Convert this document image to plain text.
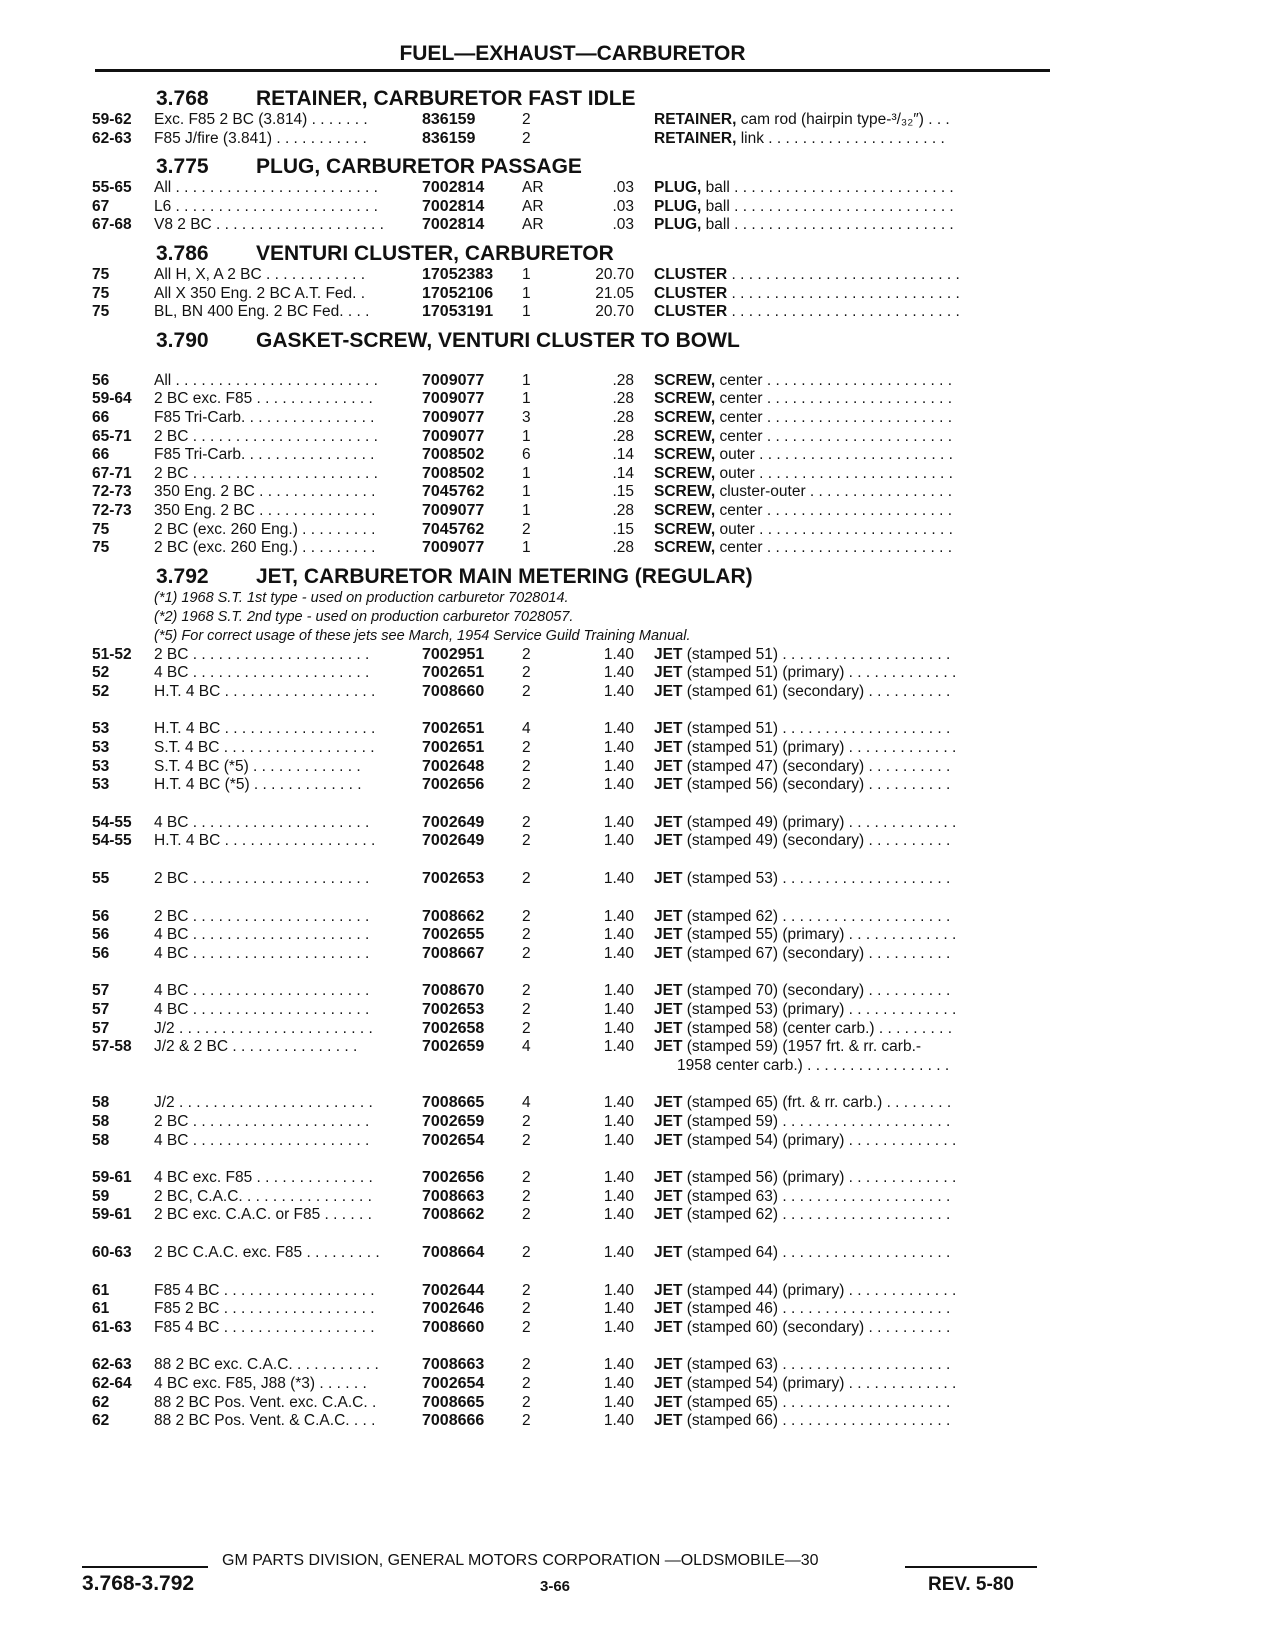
FUEL—EXHAUST—CARBURETOR
3.768	RETAINER, CARBURETOR FAST IDLE
59-62	Exc. F85 2 BC (3.814) . . . . . . .	836159	2	RETAINER, cam rod (hairpin type-³/₃₂″) . . .
62-63	F85 J/fire (3.841) . . . . . . . . . . .	836159	2	RETAINER, link . . . . . . . . . . . . . . . . . . . . .
3.775	PLUG, CARBURETOR PASSAGE
55-65	All . . . . . . . . . . . . . . . . . . . . . . . .	7002814	AR	.03	PLUG, ball . . . . . . . . . . . . . . . . . . . . . . . . . .
67	L6 . . . . . . . . . . . . . . . . . . . . . . . .	7002814	AR	.03	PLUG, ball . . . . . . . . . . . . . . . . . . . . . . . . . .
67-68	V8 2 BC . . . . . . . . . . . . . . . . . . . .	7002814	AR	.03	PLUG, ball . . . . . . . . . . . . . . . . . . . . . . . . . .
3.786	VENTURI CLUSTER, CARBURETOR
75	All H, X, A 2 BC . . . . . . . . . . . .	17052383	1	20.70	CLUSTER . . . . . . . . . . . . . . . . . . . . . . . . . . .
75	All X 350 Eng. 2 BC A.T. Fed. .	17052106	1	21.05	CLUSTER . . . . . . . . . . . . . . . . . . . . . . . . . . .
75	BL, BN 400 Eng. 2 BC Fed. . . .	17053191	1	20.70	CLUSTER . . . . . . . . . . . . . . . . . . . . . . . . . . .
3.790	GASKET-SCREW, VENTURI CLUSTER TO BOWL
56	All . . . . . . . . . . . . . . . . . . . . . . . .	7009077	1	.28	SCREW, center . . . . . . . . . . . . . . . . . . . . . .
59-64	2 BC exc. F85 . . . . . . . . . . . . . .	7009077	1	.28	SCREW, center . . . . . . . . . . . . . . . . . . . . . .
66	F85 Tri-Carb. . . . . . . . . . . . . . . .	7009077	3	.28	SCREW, center . . . . . . . . . . . . . . . . . . . . . .
65-71	2 BC . . . . . . . . . . . . . . . . . . . . . .	7009077	1	.28	SCREW, center . . . . . . . . . . . . . . . . . . . . . .
66	F85 Tri-Carb. . . . . . . . . . . . . . . .	7008502	6	.14	SCREW, outer . . . . . . . . . . . . . . . . . . . . . . .
67-71	2 BC . . . . . . . . . . . . . . . . . . . . . .	7008502	1	.14	SCREW, outer . . . . . . . . . . . . . . . . . . . . . . .
72-73	350 Eng. 2 BC . . . . . . . . . . . . . .	7045762	1	.15	SCREW, cluster-outer . . . . . . . . . . . . . . . . .
72-73	350 Eng. 2 BC . . . . . . . . . . . . . .	7009077	1	.28	SCREW, center . . . . . . . . . . . . . . . . . . . . . .
75	2 BC (exc. 260 Eng.) . . . . . . . . .	7045762	2	.15	SCREW, outer . . . . . . . . . . . . . . . . . . . . . . .
75	2 BC (exc. 260 Eng.) . . . . . . . . .	7009077	1	.28	SCREW, center . . . . . . . . . . . . . . . . . . . . . .
3.792	JET, CARBURETOR MAIN METERING (REGULAR)
(*1) 1968 S.T. 1st type - used on production carburetor 7028014.
(*2) 1968 S.T. 2nd type - used on production carburetor 7028057.
(*5) For correct usage of these jets see March, 1954 Service Guild Training Manual.
51-52	2 BC . . . . . . . . . . . . . . . . . . . . .	7002951	2	1.40	JET (stamped 51) . . . . . . . . . . . . . . . . . . . .
52	4 BC . . . . . . . . . . . . . . . . . . . . .	7002651	2	1.40	JET (stamped 51) (primary) . . . . . . . . . . . . .
52	H.T. 4 BC . . . . . . . . . . . . . . . . . .	7008660	2	1.40	JET (stamped 61) (secondary) . . . . . . . . . .
53	H.T. 4 BC . . . . . . . . . . . . . . . . . .	7002651	4	1.40	JET (stamped 51) . . . . . . . . . . . . . . . . . . . .
53	S.T. 4 BC . . . . . . . . . . . . . . . . . .	7002651	2	1.40	JET (stamped 51) (primary) . . . . . . . . . . . . .
53	S.T. 4 BC (*5) . . . . . . . . . . . . .	7002648	2	1.40	JET (stamped 47) (secondary) . . . . . . . . . .
53	H.T. 4 BC (*5) . . . . . . . . . . . . .	7002656	2	1.40	JET (stamped 56) (secondary) . . . . . . . . . .
54-55	4 BC . . . . . . . . . . . . . . . . . . . . .	7002649	2	1.40	JET (stamped 49) (primary) . . . . . . . . . . . . .
54-55	H.T. 4 BC . . . . . . . . . . . . . . . . . .	7002649	2	1.40	JET (stamped 49) (secondary) . . . . . . . . . .
55	2 BC . . . . . . . . . . . . . . . . . . . . .	7002653	2	1.40	JET (stamped 53) . . . . . . . . . . . . . . . . . . . .
56	2 BC . . . . . . . . . . . . . . . . . . . . .	7008662	2	1.40	JET (stamped 62) . . . . . . . . . . . . . . . . . . . .
56	4 BC . . . . . . . . . . . . . . . . . . . . .	7002655	2	1.40	JET (stamped 55) (primary) . . . . . . . . . . . . .
56	4 BC . . . . . . . . . . . . . . . . . . . . .	7008667	2	1.40	JET (stamped 67) (secondary) . . . . . . . . . .
57	4 BC . . . . . . . . . . . . . . . . . . . . .	7008670	2	1.40	JET (stamped 70) (secondary) . . . . . . . . . .
57	4 BC . . . . . . . . . . . . . . . . . . . . .	7002653	2	1.40	JET (stamped 53) (primary) . . . . . . . . . . . . .
57	J/2 . . . . . . . . . . . . . . . . . . . . . . .	7002658	2	1.40	JET (stamped 58) (center carb.) . . . . . . . . .
57-58	J/2 & 2 BC . . . . . . . . . . . . . . .	7002659	4	1.40	JET (stamped 59) (1957 frt. & rr. carb.-
1958 center carb.) . . . . . . . . . . . . . . . . .
58	J/2 . . . . . . . . . . . . . . . . . . . . . . .	7008665	4	1.40	JET (stamped 65) (frt. & rr. carb.) . . . . . . . .
58	2 BC . . . . . . . . . . . . . . . . . . . . .	7002659	2	1.40	JET (stamped 59) . . . . . . . . . . . . . . . . . . . .
58	4 BC . . . . . . . . . . . . . . . . . . . . .	7002654	2	1.40	JET (stamped 54) (primary) . . . . . . . . . . . . .
59-61	4 BC exc. F85 . . . . . . . . . . . . . .	7002656	2	1.40	JET (stamped 56) (primary) . . . . . . . . . . . . .
59	2 BC, C.A.C. . . . . . . . . . . . . . . .	7008663	2	1.40	JET (stamped 63) . . . . . . . . . . . . . . . . . . . .
59-61	2 BC exc. C.A.C. or F85 . . . . . .	7008662	2	1.40	JET (stamped 62) . . . . . . . . . . . . . . . . . . . .
60-63	2 BC C.A.C. exc. F85 . . . . . . . . .	7008664	2	1.40	JET (stamped 64) . . . . . . . . . . . . . . . . . . . .
61	F85 4 BC . . . . . . . . . . . . . . . . . .	7002644	2	1.40	JET (stamped 44) (primary) . . . . . . . . . . . . .
61	F85 2 BC . . . . . . . . . . . . . . . . . .	7002646	2	1.40	JET (stamped 46) . . . . . . . . . . . . . . . . . . . .
61-63	F85 4 BC . . . . . . . . . . . . . . . . . .	7008660	2	1.40	JET (stamped 60) (secondary) . . . . . . . . . .
62-63	88 2 BC exc. C.A.C. . . . . . . . . . .	7008663	2	1.40	JET (stamped 63) . . . . . . . . . . . . . . . . . . . .
62-64	4 BC exc. F85, J88 (*3) . . . . . .	7002654	2	1.40	JET (stamped 54) (primary) . . . . . . . . . . . . .
62	88 2 BC Pos. Vent. exc. C.A.C. .	7008665	2	1.40	JET (stamped 65) . . . . . . . . . . . . . . . . . . . .
62	88 2 BC Pos. Vent. & C.A.C. . . .	7008666	2	1.40	JET (stamped 66) . . . . . . . . . . . . . . . . . . . .
GM PARTS DIVISION, GENERAL MOTORS CORPORATION —OLDSMOBILE—30
3.768-3.792	3-66	REV. 5-80
